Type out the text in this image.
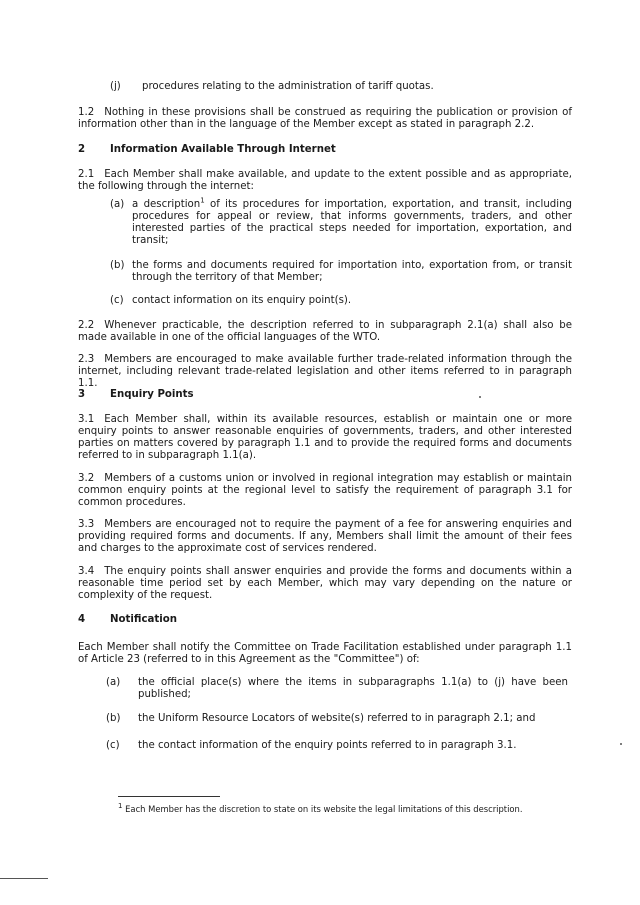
(j) procedures relating to the administration of tariff quotas.

1.2 Nothing in these provisions shall be construed as requiring the publication or provision of information other than in the language of the Member except as stated in paragraph 2.2.

2 Information Available Through Internet

2.1 Each Member shall make available, and update to the extent possible and as appropriate, the following through the internet:

(a) a description$^1$ of its procedures for importation, exportation, and transit, including procedures for appeal or review, that informs governments, traders, and other interested parties of the practical steps needed for importation, exportation, and transit;
(b) the forms and documents required for importation into, exportation from, or transit through the territory of that Member;
(c) contact information on its enquiry point(s).

2.2 Whenever practicable, the description referred to in subparagraph 2.1(a) shall also be made available in one of the official languages of the WTO.

2.3 Members are encouraged to make available further trade-related information through the internet, including relevant trade-related legislation and other items referred to in paragraph 1.1.

3 Enquiry Points

3.1 Each Member shall, within its available resources, establish or maintain one or more enquiry points to answer reasonable enquiries of governments, traders, and other interested parties on matters covered by paragraph 1.1 and to provide the required forms and documents referred to in subparagraph 1.1(a).

3.2 Members of a customs union or involved in regional integration may establish or maintain common enquiry points at the regional level to satisfy the requirement of paragraph 3.1 for common procedures.

3.3 Members are encouraged not to require the payment of a fee for answering enquiries and providing required forms and documents. If any, Members shall limit the amount of their fees and charges to the approximate cost of services rendered.

3.4 The enquiry points shall answer enquiries and provide the forms and documents within a reasonable time period set by each Member, which may vary depending on the nature or complexity of the request.

4 Notification

Each Member shall notify the Committee on Trade Facilitation established under paragraph 1.1 of Article 23 (referred to in this Agreement as the "Committee") of:

(a) the official place(s) where the items in subparagraphs 1.1(a) to (j) have been published;
(b) the Uniform Resource Locators of website(s) referred to in paragraph 2.1; and
(c) the contact information of the enquiry points referred to in paragraph 3.1.
$^1$ Each Member has the discretion to state on its website the legal limitations of this description.
